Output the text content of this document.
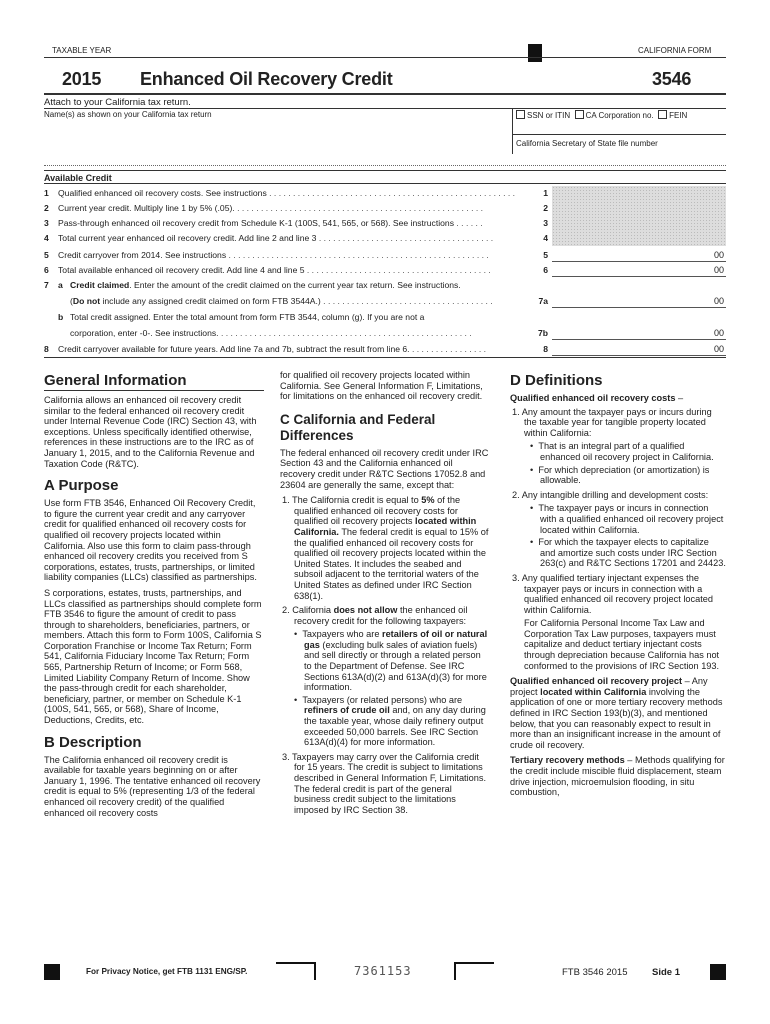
TAXABLE YEAR	CALIFORNIA FORM
2015 Enhanced Oil Recovery Credit	3546
Attach to your California tax return.
Name(s) as shown on your California tax return	SSN or ITIN CA Corporation no. FEIN
California Secretary of State file number
Available Credit
1 Qualified enhanced oil recovery costs. See instructions . . . . . . . . . . . . . . . . . . . . . . . . . . . . . . . . . . . . . . . . . . . . . . . . . . . .	1
2 Current year credit. Multiply line 1 by 5% (.05). . . . . . . . . . . . . . . . . . . . . . . . . . . . . . . . . . . . . . . . . . . . . . . . . . . . .	2
3 Pass-through enhanced oil recovery credit from Schedule K-1 (100S, 541, 565, or 568). See instructions . . . . . .	3
4 Total current year enhanced oil recovery credit. Add line 2 and line 3 . . . . . . . . . . . . . . . . . . . . . . . . . . . . . . . . . . . . .	4
5 Credit carryover from 2014. See instructions . . . . . . . . . . . . . . . . . . . . . . . . . . . . . . . . . . . . . . . . . . . . . . . . . . . . . . .	5	00
6 Total available enhanced oil recovery credit. Add line 4 and line 5 . . . . . . . . . . . . . . . . . . . . . . . . . . . . . . . . . . . . . . .	6	00
7 a Credit claimed. Enter the amount of the credit claimed on the current year tax return. See instructions.
(Do not include any assigned credit claimed on form FTB 3544A.) . . . . . . . . . . . . . . . . . . . . . . . . . . . . . . . . . . . .	7a	00
b Total credit assigned. Enter the total amount from form FTB 3544, column (g). If you are not a
corporation, enter -0-. See instructions. . . . . . . . . . . . . . . . . . . . . . . . . . . . . . . . . . . . . . . . . . . . . . . . . . . . . .	7b	00
8 Credit carryover available for future years. Add line 7a and 7b, subtract the result from line 6. . . . . . . . . . . . . . . . .	8	00
General Information

California allows an enhanced oil recovery credit similar to the federal enhanced oil recovery credit under Internal Revenue Code (IRC) Section 43, with exceptions. Unless specifically identified otherwise, references in these instructions are to the IRC as of January 1, 2015, and to the California Revenue and Taxation Code (R&TC).

A Purpose

Use form FTB 3546, Enhanced Oil Recovery Credit, to figure the current year credit and any carryover credit for qualified enhanced oil recovery costs for qualified oil recovery projects located within California. Also use this form to claim pass-through enhanced oil recovery credits you received from S corporations, estates, trusts, partnerships, or limited liability companies (LLCs) classified as partnerships.

S corporations, estates, trusts, partnerships, and LLCs classified as partnerships should complete form FTB 3546 to figure the amount of credit to pass through to shareholders, beneficiaries, partners, or members. Attach this form to Form 100S, California S Corporation Franchise or Income Tax Return; Form 541, California Fiduciary Income Tax Return; Form 565, Partnership Return of Income; or Form 568, Limited Liability Company Return of Income. Show the pass-through credit for each shareholder, beneficiary, partner, or member on Schedule K-1 (100S, 541, 565, or 568), Share of Income, Deductions, Credits, etc.

B Description

The California enhanced oil recovery credit is available for taxable years beginning on or after January 1, 1996. The tentative enhanced oil recovery credit is equal to 5% (representing 1/3 of the federal enhanced oil recovery credit) of the qualified enhanced oil recovery costs

for qualified oil recovery projects located within California. See General Information F, Limitations, for limitations on the enhanced oil recovery credit.

C California and Federal Differences

The federal enhanced oil recovery credit under IRC Section 43 and the California enhanced oil recovery credit under R&TC Sections 17052.8 and 23604 are generally the same, except that:

1. The California credit is equal to 5% of the qualified enhanced oil recovery costs for qualified oil recovery projects located within California. The federal credit is equal to 15% of the qualified enhanced oil recovery costs for qualified oil recovery projects located within the United States. It includes the seabed and subsoil adjacent to the territorial waters of the United States as defined under IRC Section 638(1).
2. California does not allow the enhanced oil recovery credit for the following taxpayers:
•  Taxpayers who are retailers of oil or natural gas (excluding bulk sales of aviation fuels) and sell directly or through a related person to the Department of Defense. See IRC Sections 613A(d)(2) and 613A(d)(3) for more information.
•  Taxpayers (or related persons) who are refiners of crude oil and, on any day during the taxable year, whose daily refinery output exceeded 50,000 barrels. See IRC Section 613A(d)(4) for more information.
3. Taxpayers may carry over the California credit for 15 years. The credit is subject to limitations described in General Information F, Limitations. The federal credit is part of the general business credit subject to the limitations imposed by IRC Section 38.
D Definitions

Qualified enhanced oil recovery costs –

1. Any amount the taxpayer pays or incurs during the taxable year for tangible property located within California:
•  That is an integral part of a qualified enhanced oil recovery project in California.
•  For which depreciation (or amortization) is allowable.
2. Any intangible drilling and development costs:
•  The taxpayer pays or incurs in connection with a qualified enhanced oil recovery project located within California.
•  For which the taxpayer elects to capitalize and amortize such costs under IRC Section 263(c) and R&TC Sections 17201 and 24423.
3. Any qualified tertiary injectant expenses the taxpayer pays or incurs in connection with a qualified enhanced oil recovery project located within California.

For California Personal Income Tax Law and Corporation Tax Law purposes, taxpayers must capitalize and deduct tertiary injectant costs through depreciation because California has not conformed to the provisions of IRC Section 193.

Qualified enhanced oil recovery project – Any project located within California involving the application of one or more tertiary recovery methods defined in IRC Section 193(b)(3), and mentioned below, that you can reasonably expect to result in more than an insignificant increase in the amount of crude oil recovery.

Tertiary recovery methods – Methods qualifying for the credit include miscible fluid displacement, steam drive injection, microemulsion flooding, in situ combustion,

For Privacy Notice, get FTB 1131 ENG/SP.	7361153	FTB 3546 2015	Side 1
